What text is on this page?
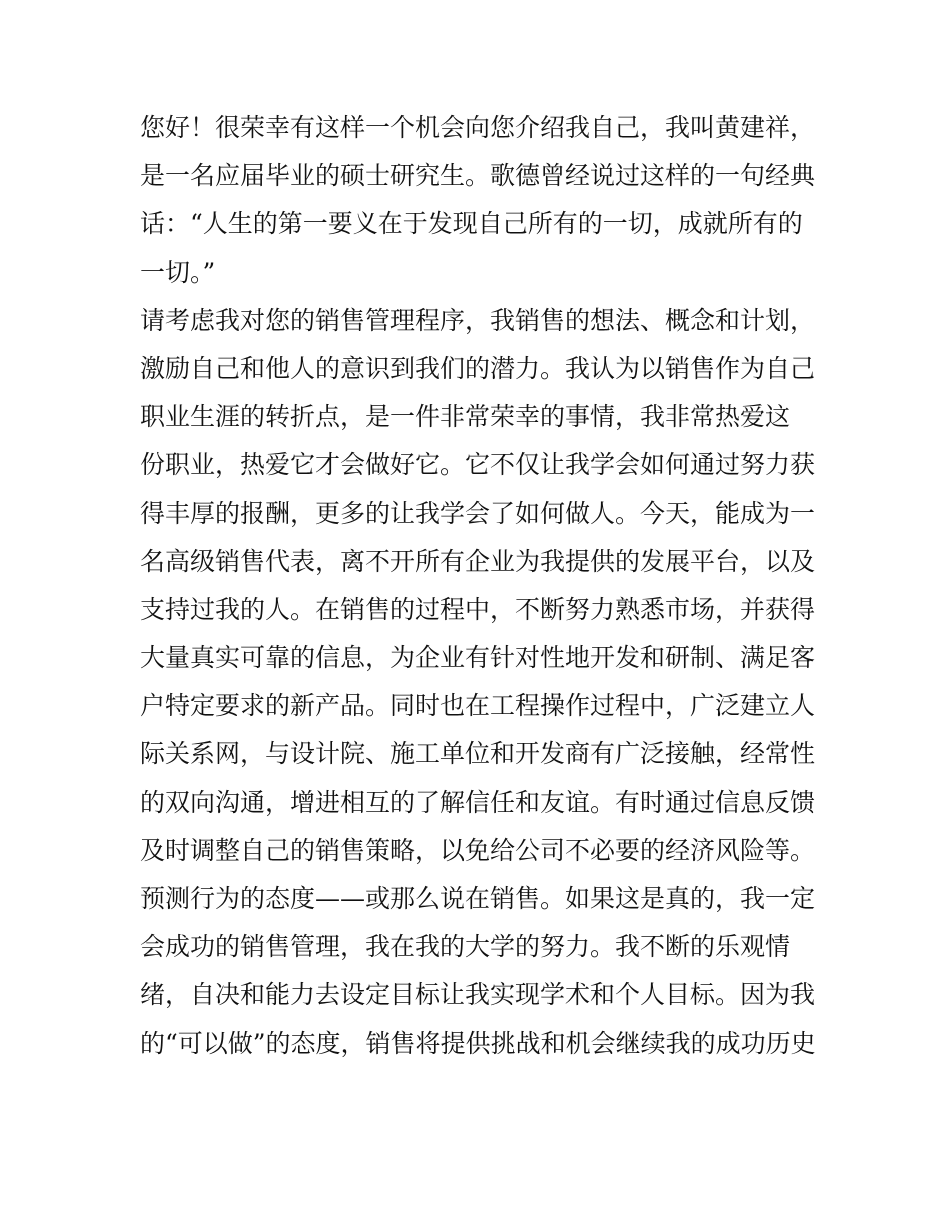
您好！很荣幸有这样一个机会向您介绍我自己，我叫黄建祥，
是一名应届毕业的硕士研究生。歌德曾经说过这样的一句经典
话：“人生的第一要义在于发现自己所有的一切，成就所有的
一切。”
请考虑我对您的销售管理程序，我销售的想法、概念和计划，
激励自己和他人的意识到我们的潜力。我认为以销售作为自己
职业生涯的转折点，是一件非常荣幸的事情，我非常热爱这
份职业，热爱它才会做好它。它不仅让我学会如何通过努力获
得丰厚的报酬，更多的让我学会了如何做人。今天，能成为一
名高级销售代表，离不开所有企业为我提供的发展平台，以及
支持过我的人。在销售的过程中，不断努力熟悉市场，并获得
大量真实可靠的信息，为企业有针对性地开发和研制、满足客
户特定要求的新产品。同时也在工程操作过程中，广泛建立人
际关系网，与设计院、施工单位和开发商有广泛接触，经常性
的双向沟通，增进相互的了解信任和友谊。有时通过信息反馈
及时调整自己的销售策略，以免给公司不必要的经济风险等。
预测行为的态度——或那么说在销售。如果这是真的，我一定
会成功的销售管理，我在我的大学的努力。我不断的乐观情
绪，自决和能力去设定目标让我实现学术和个人目标。因为我
的“可以做”的态度，销售将提供挑战和机会继续我的成功历史
